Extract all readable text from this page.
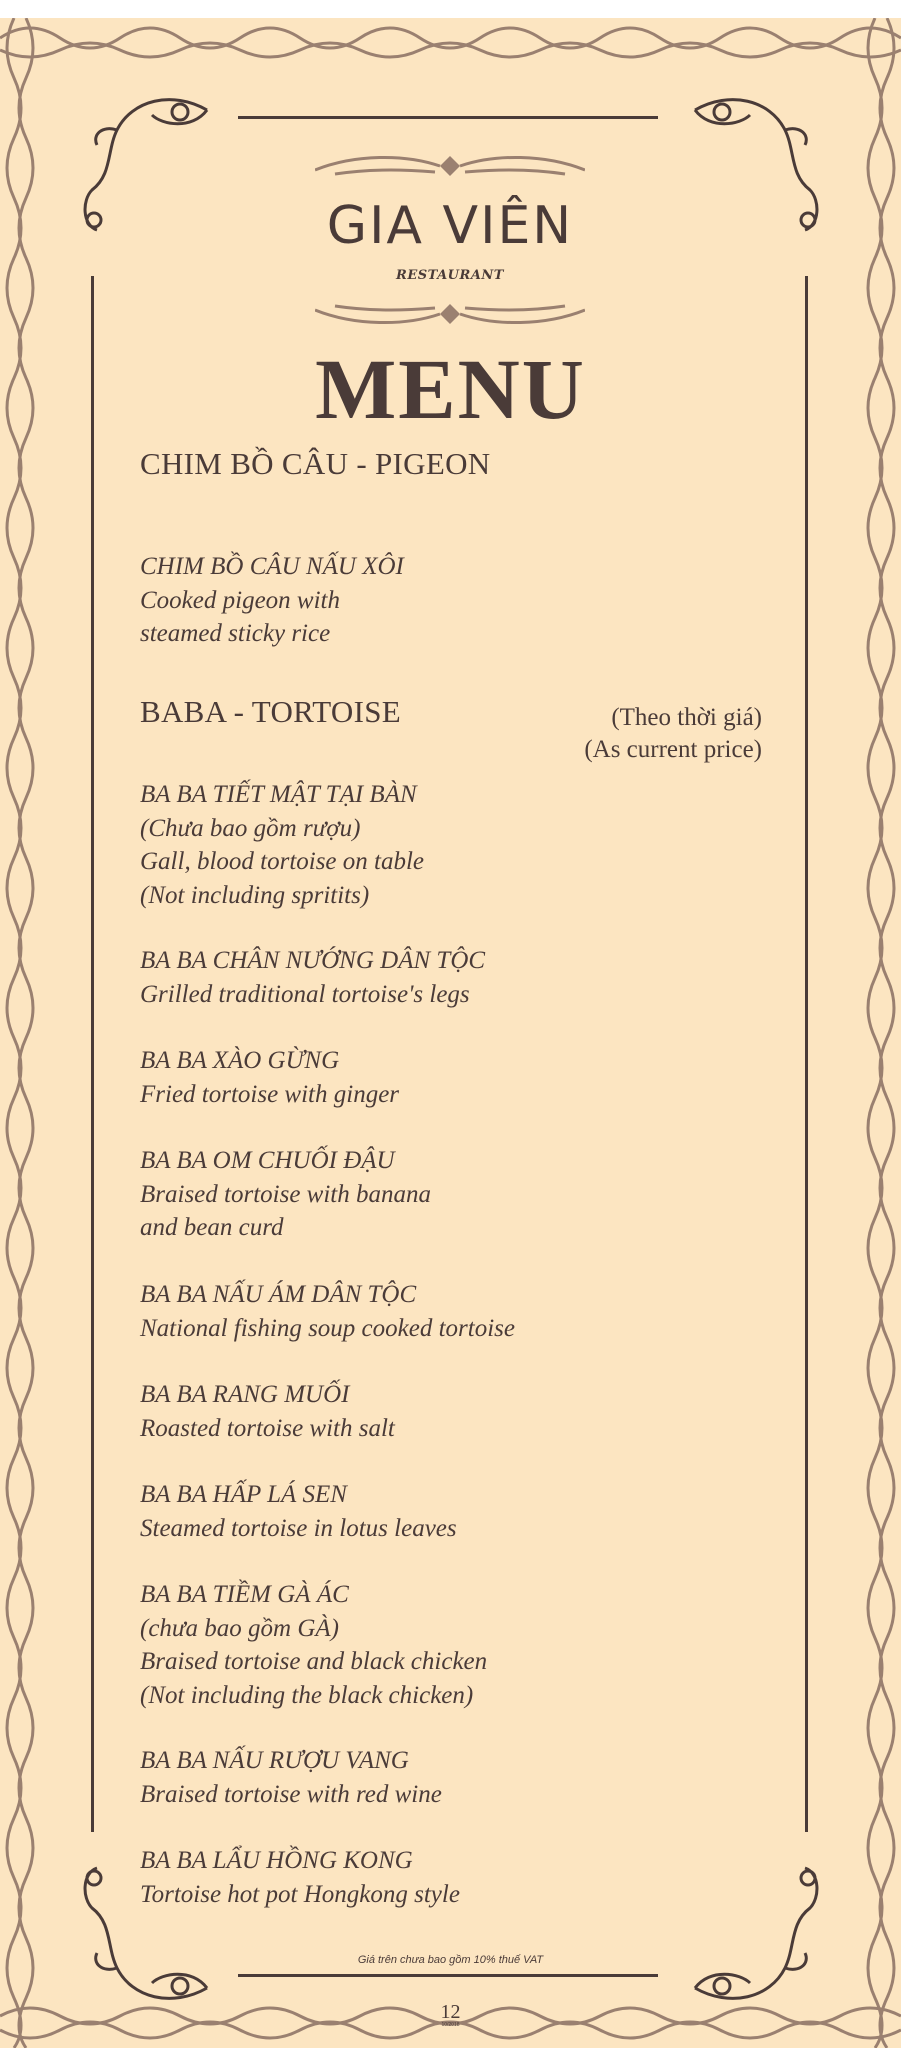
GIA VIÊN
RESTAURANT
MENU
CHIM BỒ CÂU - PIGEON
CHIM BỒ CÂU NẤU XÔI
Cooked pigeon with
steamed sticky rice
BABA - TORTOISE	(Theo thời giá)
(As current price)
BA BA TIẾT MẬT TẠI BÀN
(Chưa bao gồm rượu)
Gall, blood tortoise on table
(Not including spritits)
BA BA CHÂN NƯỚNG DÂN TỘC
Grilled traditional tortoise's legs
BA BA XÀO GỪNG
Fried tortoise with ginger
BA BA OM CHUỐI ĐẬU
Braised tortoise with banana
and bean curd
BA BA NẤU ÁM DÂN TỘC
National fishing soup cooked tortoise
BA BA RANG MUỐI
Roasted tortoise with salt
BA BA HẤP LÁ SEN
Steamed tortoise in lotus leaves
BA BA TIỀM GÀ ÁC
(chưa bao gồm GÀ)
Braised tortoise and black chicken
(Not including the black chicken)
BA BA NẤU RƯỢU VANG
Braised tortoise with red wine
BA BA LẨU HỒNG KONG
Tortoise hot pot Hongkong style
Giá trên chưa bao gồm 10% thuế VAT
12
10/2018
